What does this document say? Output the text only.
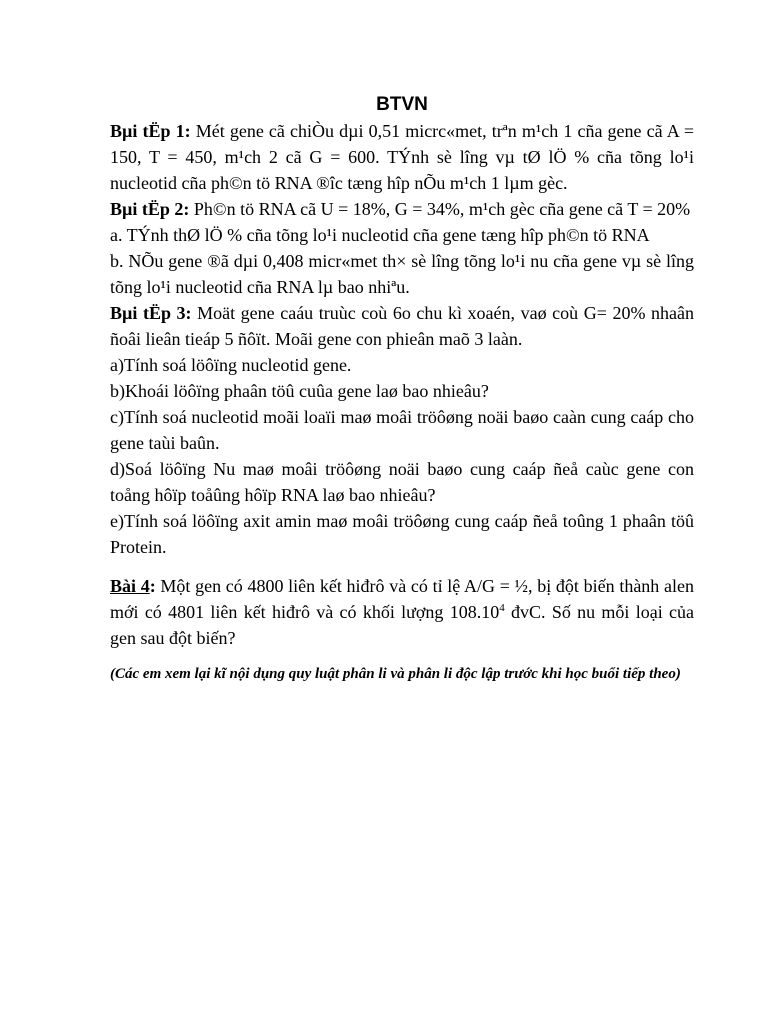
BTVN

Bµi tËp 1: Mét gene cã chiÒu dµi 0,51 micrc«met, trªn m¹ch 1 cña gene cã A = 150, T = 450, m¹ch 2 cã G = 600. TÝnh sè lîng vµ tØ lÖ % cña tõng lo¹i nucleotid cña ph©n tö RNA ®îc tæng hîp nÕu m¹ch 1 lµm gèc.

Bµi tËp 2: Ph©n tö RNA cã U = 18%, G = 34%, m¹ch gèc cña gene cã T = 20%

a. TÝnh thØ lÖ % cña tõng lo¹i nucleotid cña gene tæng hîp ph©n tö RNA

b. NÕu gene ®ã dµi 0,408 micr«met th× sè lîng tõng lo¹i nu cña gene vµ sè lîng tõng lo¹i nucleotid cña RNA lµ bao nhiªu.

Bµi tËp 3: Moät gene caáu truùc coù 6o chu kì xoaén, vaø coù G= 20% nhaân ñoâi lieân tieáp 5 ñôït. Moãi gene con phieân maõ 3 laàn.

a)Tính soá löôïng nucleotid gene.

b)Khoái löôïng phaân töû cuûa gene laø bao nhieâu?

c)Tính soá nucleotid moãi loaïi maø moâi tröôøng noäi baøo caàn cung caáp cho gene taùi baûn.

d)Soá löôïng Nu maø moâi tröôøng noäi baøo cung caáp ñeå caùc gene con toång hôïp toåûng hôïp RNA laø bao nhieâu?

e)Tính soá löôïng axit amin maø moâi tröôøng cung caáp ñeå toûng 1 phaân töû Protein.

Bài 4: Một gen có 4800 liên kết hiđrô và có tỉ lệ A/G = ½, bị đột biến thành alen mới có 4801 liên kết hiđrô và có khối lượng 108.10$^4$ đvC. Số nu mỗi loại của gen sau đột biến?

(Các em xem lại kĩ nội dụng quy luật phân li và phân li độc lập trước khi học buổi tiếp theo)
